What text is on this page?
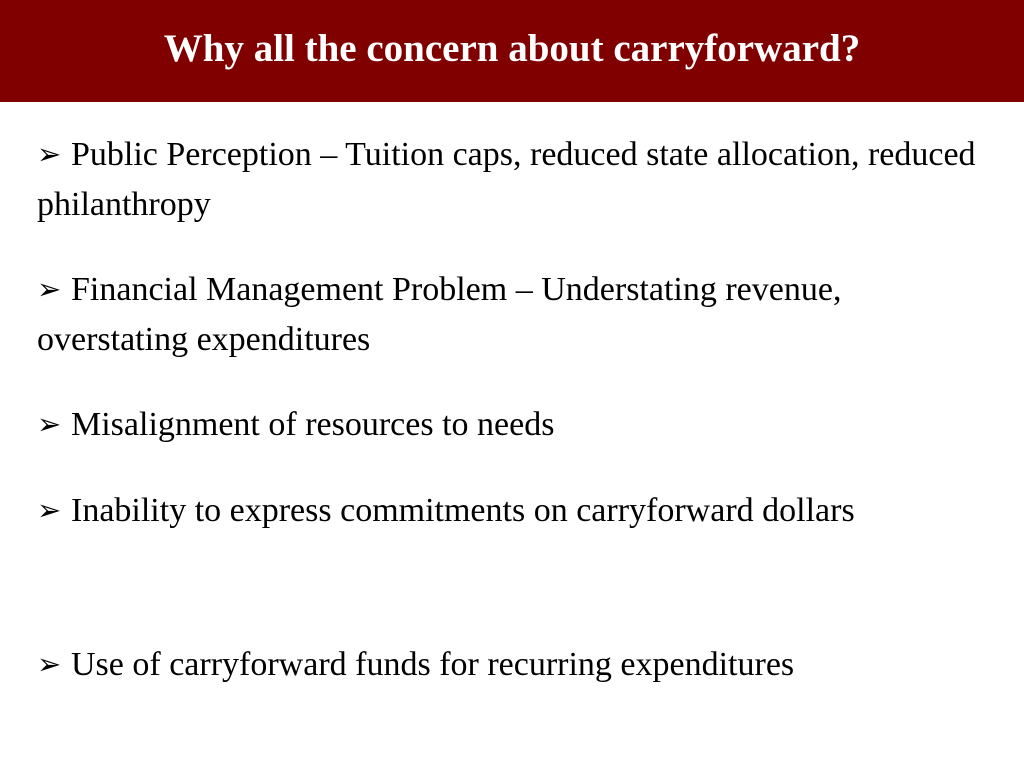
Why all the concern about carryforward?
➢ Public Perception – Tuition caps, reduced state allocation, reduced philanthropy
➢ Financial Management Problem – Understating revenue, overstating expenditures
➢ Misalignment of resources to needs
➢ Inability to express commitments on carryforward dollars
➢ Use of carryforward funds for recurring expenditures
